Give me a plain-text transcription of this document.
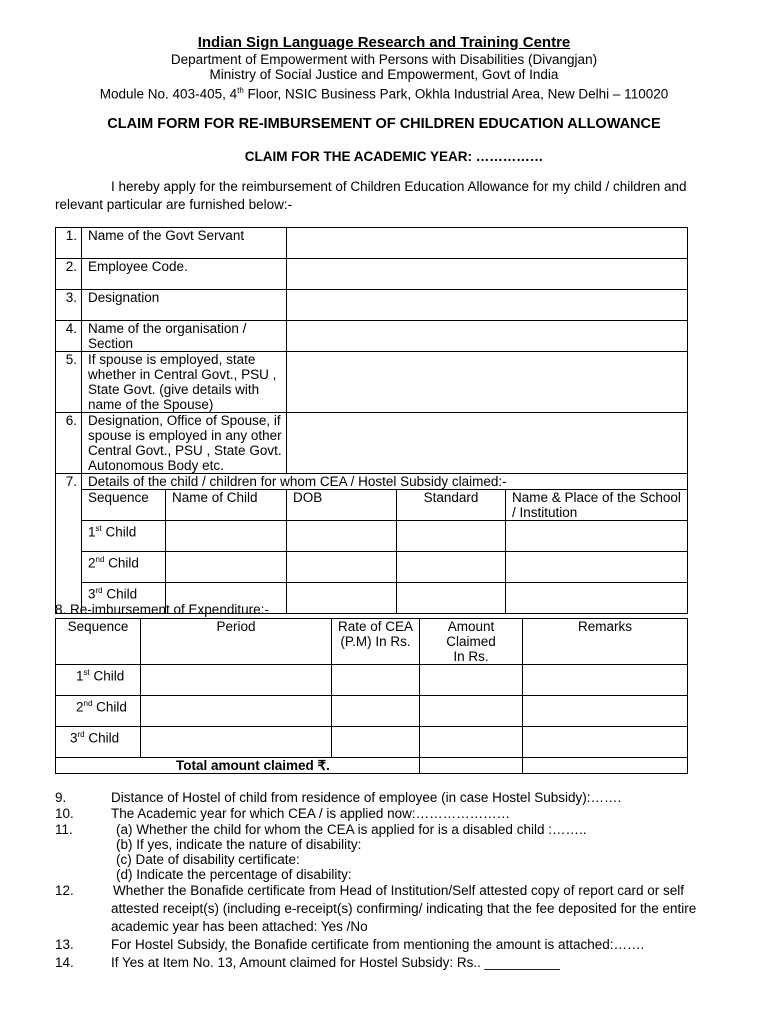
Indian Sign Language Research and Training Centre
Department of Empowerment with Persons with Disabilities (Divangjan)
Ministry of Social Justice and Empowerment, Govt of India
Module No. 403-405, 4th Floor, NSIC Business Park, Okhla Industrial Area, New Delhi – 110020
CLAIM FORM FOR RE-IMBURSEMENT OF CHILDREN EDUCATION ALLOWANCE
CLAIM FOR THE ACADEMIC YEAR: ……………
I hereby apply for the reimbursement of Children Education Allowance for my child / children and
relevant particular are furnished below:-
1.	Name of the Govt Servant				
2.	Employee Code.				
3.	Designation				
4.	Name of the organisation / Section				
5.	If spouse is employed, state whether in Central Govt., PSU , State Govt. (give details with name of the Spouse)				
6.	Designation, Office of Spouse, if spouse is employed in any other Central Govt., PSU , State Govt. Autonomous Body etc.				
7.	Details of the child / children for whom CEA / Hostel Subsidy claimed:-				
	Sequence	Name of Child	DOB	Standard	Name & Place of the School / Institution
	1st Child				
	2nd Child				
	3rd Child				
8. Re-imbursement of Expenditure:-
Sequence	Period	Rate of CEA (P.M) In Rs.	Amount Claimed In Rs.	Remarks
1st Child				
2nd Child				
3rd Child				
Total amount claimed ₹.				
9.	Distance of Hostel of child from residence of employee (in case Hostel Subsidy):…….
10.	The Academic year for which CEA / is applied now:…………………
11.	(a) Whether the child for whom the CEA is applied for is a disabled child :……..
(b) If yes, indicate the nature of disability:
(c) Date of disability certificate:
(d) Indicate the percentage of disability:
12.	Whether the Bonafide certificate from Head of Institution/Self attested copy of report card or self
attested receipt(s) (including e-receipt(s) confirming/ indicating that the fee deposited for the entire
academic year has been attached: Yes /No
13.	For Hostel Subsidy, the Bonafide certificate from mentioning the amount is attached:…….
14.	If Yes at Item No. 13, Amount claimed for Hostel Subsidy: Rs.. __________
